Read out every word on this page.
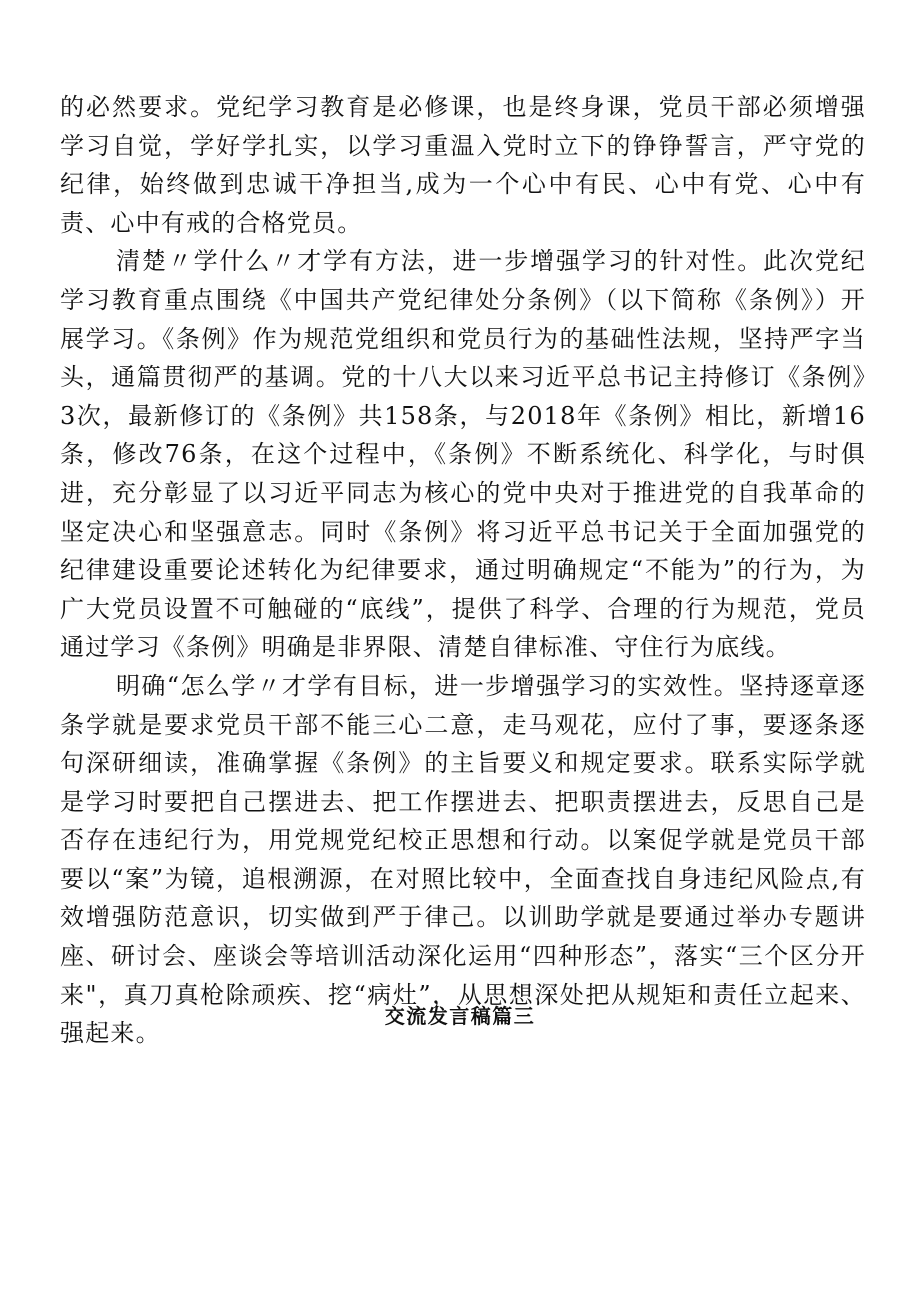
的必然要求。党纪学习教育是必修课，也是终身课，党员干部必须增强学习自觉，学好学扎实，以学习重温入党时立下的铮铮誓言，严守党的纪律，始终做到忠诚干净担当,成为一个心中有民、心中有党、心中有责、心中有戒的合格党员。

清楚〃学什么〃才学有方法，进一步增强学习的针对性。此次党纪学习教育重点围绕《中国共产党纪律处分条例》（以下简称《条例》）开展学习。《条例》作为规范党组织和党员行为的基础性法规，坚持严字当头，通篇贯彻严的基调。党的十八大以来习近平总书记主持修订《条例》3次，最新修订的《条例》共158条，与2018年《条例》相比，新增16条，修改76条，在这个过程中，《条例》不断系统化、科学化，与时俱进，充分彰显了以习近平同志为核心的党中央对于推进党的自我革命的坚定决心和坚强意志。同时《条例》将习近平总书记关于全面加强党的纪律建设重要论述转化为纪律要求，通过明确规定“不能为”的行为，为广大党员设置不可触碰的“底线”，提供了科学、合理的行为规范，党员通过学习《条例》明确是非界限、清楚自律标准、守住行为底线。

明确“怎么学〃才学有目标，进一步增强学习的实效性。坚持逐章逐条学就是要求党员干部不能三心二意，走马观花，应付了事，要逐条逐句深研细读，准确掌握《条例》的主旨要义和规定要求。联系实际学就是学习时要把自己摆进去、把工作摆进去、把职责摆进去，反思自己是否存在违纪行为，用党规党纪校正思想和行动。以案促学就是党员干部要以“案”为镜，追根溯源，在对照比较中，全面查找自身违纪风险点,有效增强防范意识，切实做到严于律己。以训助学就是要通过举办专题讲座、研讨会、座谈会等培训活动深化运用“四种形态”，落实“三个区分开来"，真刀真枪除顽疾、挖“病灶”，从思想深处把从规矩和责任立起来、强起来。

交流发言稿篇三
